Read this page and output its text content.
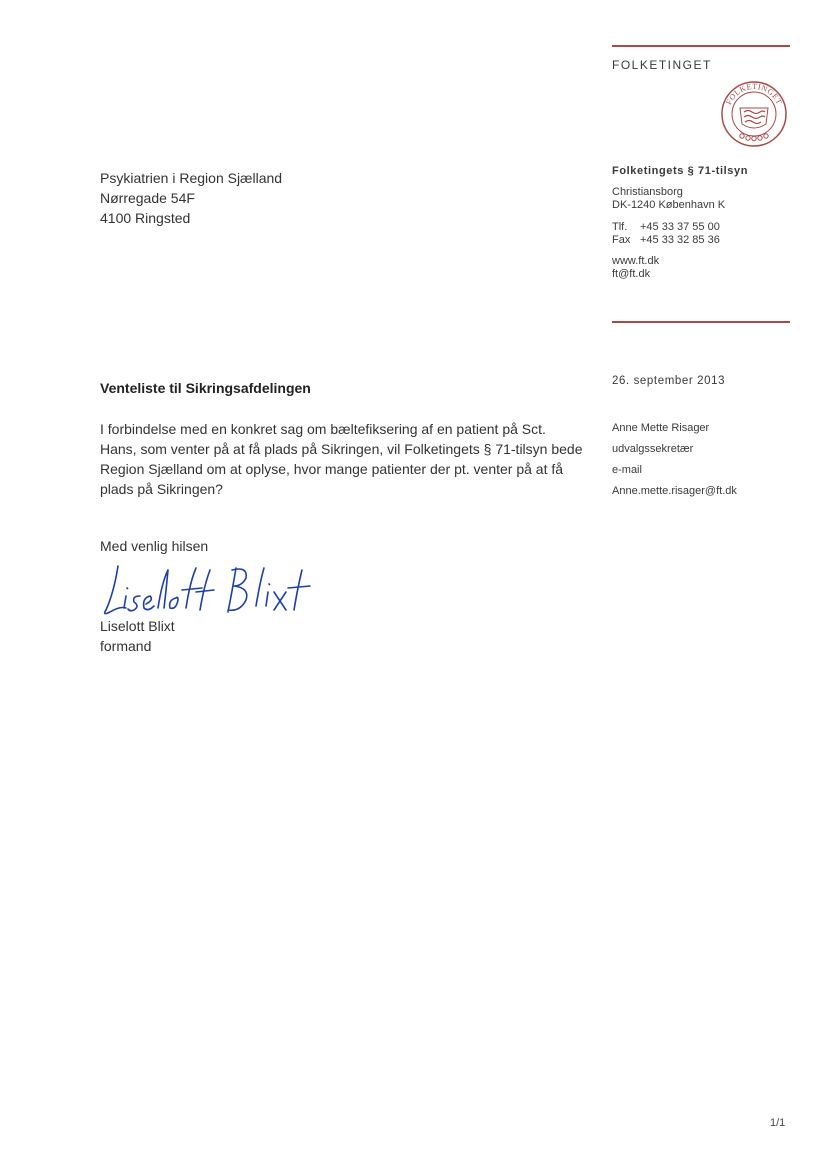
FOLKETINGET
FOLKETINGET
Folketingets § 71-tilsyn
Christiansborg
DK-1240 København K
Tlf. +45 33 37 55 00
Fax +45 33 32 85 36
www.ft.dk
ft@ft.dk
Psykiatrien i Region Sjælland
Nørregade 54F
4100 Ringsted
26. september 2013
Anne Mette Risager
udvalgssekretær
e-mail
Anne.mette.risager@ft.dk
Venteliste til Sikringsafdelingen
I forbindelse med en konkret sag om bæltefiksering af en patient på Sct.
Hans, som venter på at få plads på Sikringen, vil Folketingets § 71-tilsyn bede
Region Sjælland om at oplyse, hvor mange patienter der pt. venter på at få
plads på Sikringen?
Med venlig hilsen
Liselott Blixt
formand
1/1
